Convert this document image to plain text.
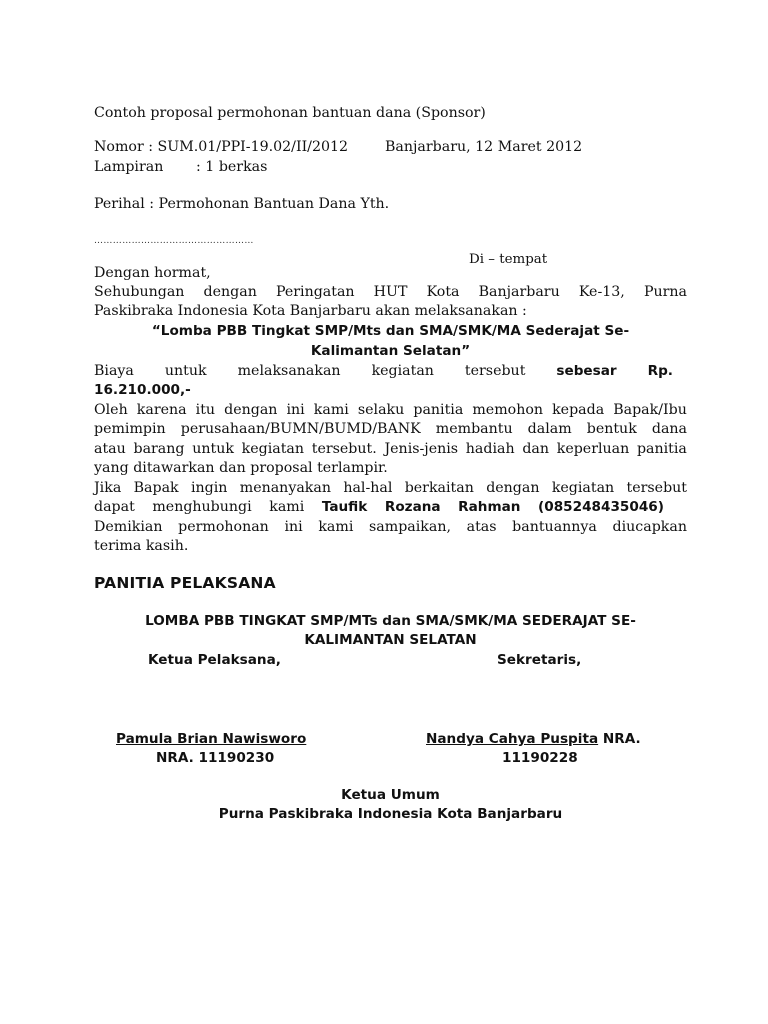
Contoh proposal permohonan bantuan dana (Sponsor)
Nomor : SUM.01/PPI-19.02/II/2012	Banjarbaru, 12 Maret 2012
Lampiran : 1 berkas
Perihal : Permohonan Bantuan Dana Yth.
……………………………………………
Di – tempat
Dengan hormat,
Sehubungan dengan Peringatan HUT Kota Banjarbaru Ke-13, Purna
Paskibraka Indonesia Kota Banjarbaru akan melaksanakan :
“Lomba PBB Tingkat SMP/Mts dan SMA/SMK/MA Sederajat Se-
Kalimantan Selatan”
Biaya untuk melaksanakan kegiatan tersebut sebesar Rp.
16.210.000,-
Oleh karena itu dengan ini kami selaku panitia memohon kepada Bapak/Ibu
pemimpin perusahaan/BUMN/BUMD/BANK membantu dalam bentuk dana
atau barang untuk kegiatan tersebut. Jenis-jenis hadiah dan keperluan panitia
yang ditawarkan dan proposal terlampir.
Jika Bapak ingin menanyakan hal-hal berkaitan dengan kegiatan tersebut
dapat menghubungi kami Taufik Rozana Rahman (085248435046)
Demikian permohonan ini kami sampaikan, atas bantuannya diucapkan
terima kasih.
PANITIA PELAKSANA
LOMBA PBB TINGKAT SMP/MTs dan SMA/SMK/MA SEDERAJAT SE-
KALIMANTAN SELATAN
Ketua Pelaksana,	Sekretaris,
Pamula Brian Nawisworo
NRA. 11190230
Nandya Cahya Puspita NRA.
11190228
Ketua Umum
Purna Paskibraka Indonesia Kota Banjarbaru
